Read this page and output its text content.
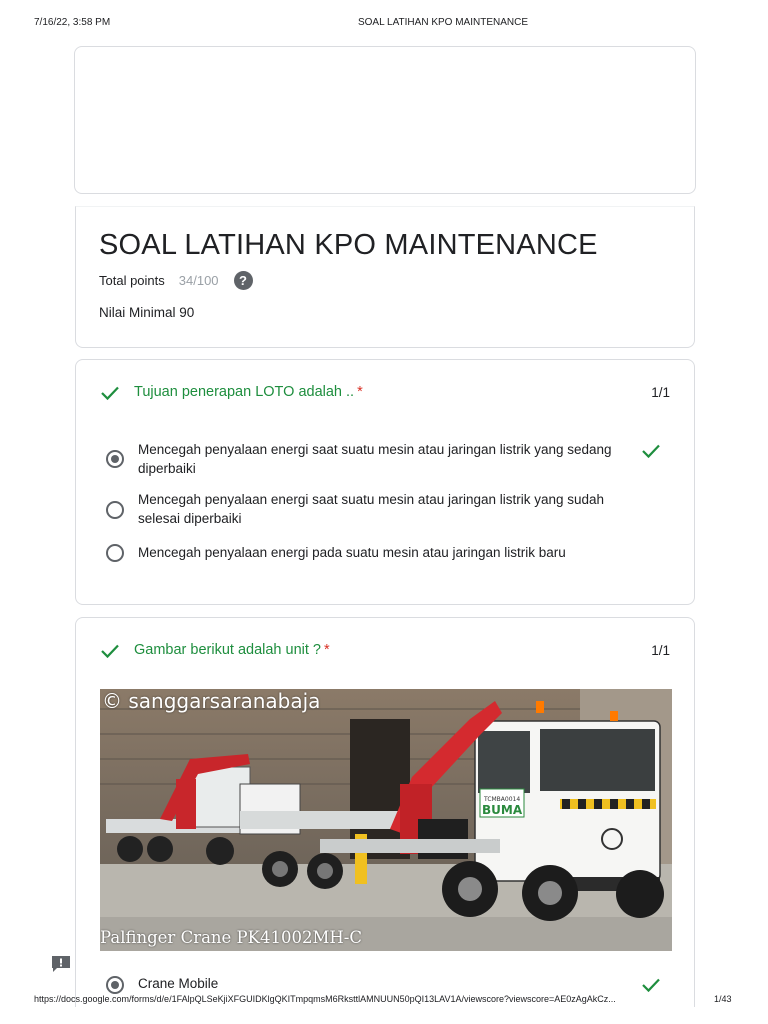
7/16/22, 3:58 PM	SOAL LATIHAN KPO MAINTENANCE
SOAL LATIHAN KPO MAINTENANCE
Total points 34/100	?
Nilai Minimal 90
Tujuan penerapan LOTO adalah .. *	1/1
Mencegah penyalaan energi saat suatu mesin atau jaringan listrik yang sedang diperbaiki
Mencegah penyalaan energi saat suatu mesin atau jaringan listrik yang sudah selesai diperbaiki
Mencegah penyalaan energi pada suatu mesin atau jaringan listrik baru
Gambar berikut adalah unit ? *	1/1
TCMBA0014
BUMA
© sanggarsaranabaja
Palfinger Crane PK41002MH-C
Crane Mobile
https://docs.google.com/forms/d/e/1FAlpQLSeKjiXFGUIDKlgQKITmpqmsM6RksttlAMNUUN50pQI13LAV1A/viewscore?viewscore=AE0zAgAkCz...	1/43
